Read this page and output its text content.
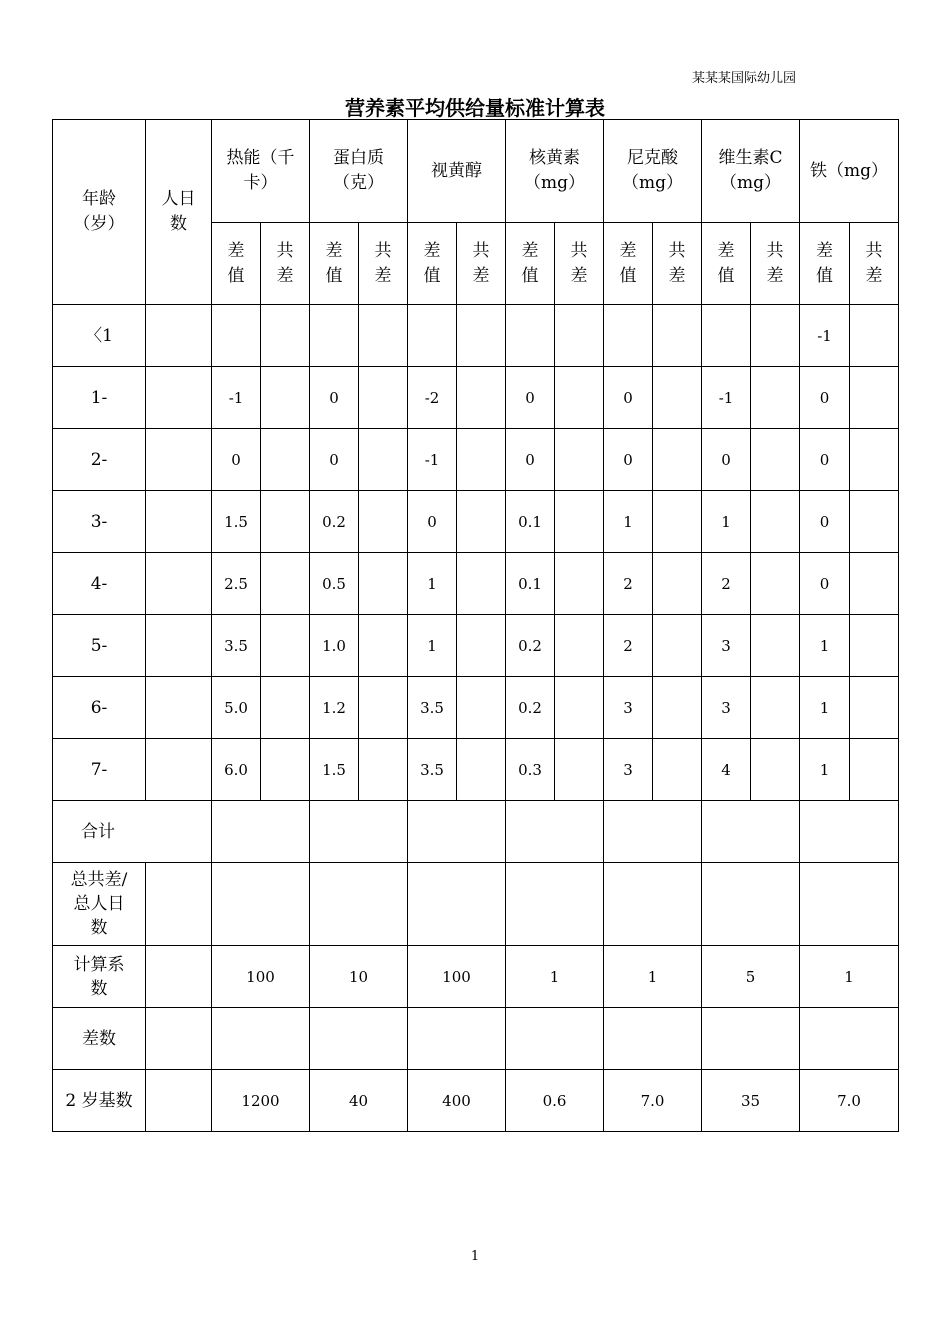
某某某国际幼儿园
营养素平均供给量标准计算表
年龄（岁）	人日数	热能（千卡）		蛋白质（克）		视黄醇		核黄素（mg）		尼克酸（mg）		维生素C（mg）		铁（mg）	
		差值	共差	差值	共差	差值	共差	差值	共差	差值	共差	差值	共差	差值	共差
〈1														-1	
1-		-1		0		-2		0		0		-1		0	
2-		0		0		-1		0		0		0		0	
3-		1.5		0.2		0		0.1		1		1		0	
4-		2.5		0.5		1		0.1		2		2		0	
5-		3.5		1.0		1		0.2		2		3		1	
6-		5.0		1.2		3.5		0.2		3		3		1	
7-		6.0		1.5		3.5		0.3		3		4		1	
合计															
总共差/总人日数															
计算系数		100		10		100		1		1		5		1	
差数															
2 岁基数		1200		40		400		0.6		7.0		35		7.0	
1
